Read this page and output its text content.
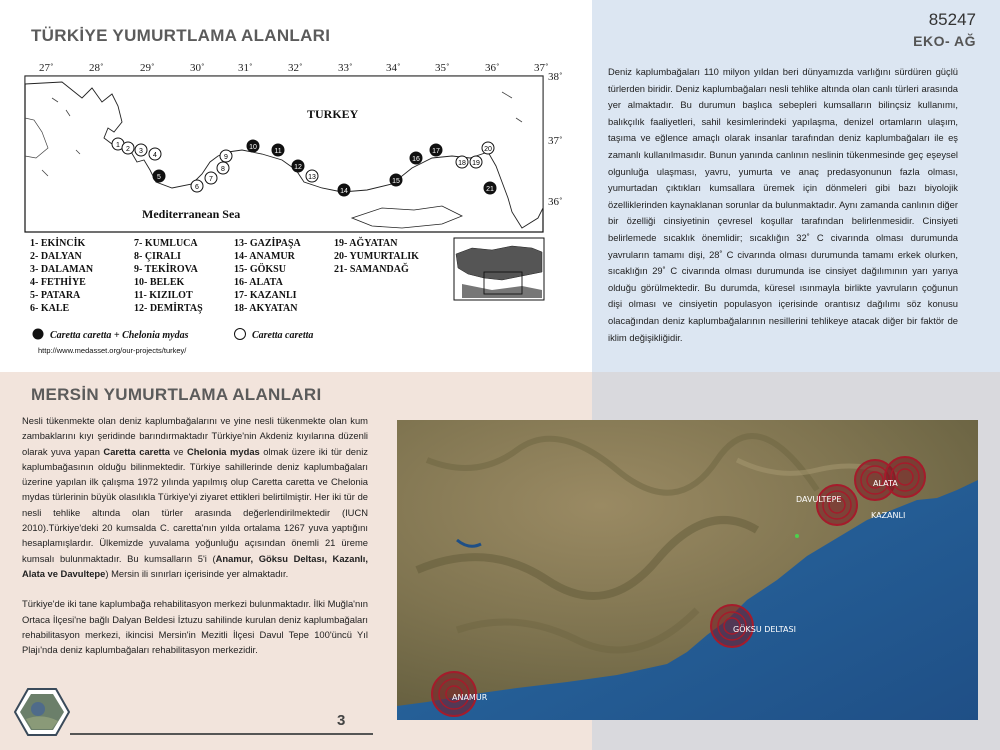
TÜRKİYE YUMURTLAMA ALANLARI
85247
EKO- AĞ
27˚	28˚	29˚	30˚	31˚	32˚	33˚	34˚	35˚	36˚	37˚
38˚
37˚
36˚
TURKEY
Mediterranean Sea
1
2 3
4
5
6
7
8
9
10
11
12
13
14
15
16
17
18 19
20
21
1- EKİNCİK
2- DALYAN
3- DALAMAN
4- FETHİYE
5- PATARA
6- KALE
7- KUMLUCA
8- ÇIRALI
9- TEKİROVA
10- BELEK
11- KIZILOT
12- DEMİRTAŞ
13- GAZİPAŞA
14- ANAMUR
15- GÖKSU
16- ALATA
17- KAZANLI
18- AKYATAN
19- AĞYATAN
20- YUMURTALIK
21- SAMANDAĞ
Caretta caretta + Chelonia mydas	Caretta caretta
http://www.medasset.org/our-projects/turkey/
Deniz kaplumbağaları 110 milyon yıldan beri dünyamızda varlığını sürdüren güçlü türlerden biridir. Deniz kaplumbağaları nesli tehlike altında olan canlı türleri arasında yer almaktadır. Bu durumun başlıca sebepleri kumsalların bilinçsiz kullanımı, balıkçılık faaliyetleri, sahil kesimlerindeki yapılaşma, denizel ortamların ulaşım, taşıma ve eğlence amaçlı olarak insanlar tarafından deniz kaplumbağaları ile eş zamanlı kullanılmasıdır. Bunun yanında canlının neslinin tükenmesinde geç eşeysel olgunluğa ulaşması, yavru, yumurta ve anaç predasyonunun fazla olması, yumurtadan çıktıkları kumsallara üremek için dönmeleri gibi bazı biyolojik özelliklerinden kaynaklanan sorunlar da bulunmaktadır. Aynı zamanda canlının diğer bir özelliği cinsiyetinin çevresel koşullar tarafından belirlenmesidir. Cinsiyeti belirlemede sıcaklık önemlidir; sıcaklığın 32˚ C civarında olması durumunda yavruların tamamı dişi, 28˚ C civarında olması durumunda tamamı erkek olurken, sıcaklığın 29˚ C civarında olması durumunda ise cinsiyet dağılımının yarı yarıya olduğu görülmektedir. Bu durumda, küresel ısınmayla birlikte yavruların çoğunun dişi olması ve cinsiyetin populasyon içerisinde orantısız dağılımı söz konusu olacağından deniz kaplumbağalarının nesillerini tehlikeye atacak diğer bir faktör de iklim değişikliğidir.
MERSİN YUMURTLAMA ALANLARI

Nesli tükenmekte olan deniz kaplumbağalarını ve yine nesli tükenmekte olan kum zambaklarını kıyı şeridinde barındırmaktadır Türkiye'nin Akdeniz kıyılarına düzenli olarak yuva yapan Caretta caretta ve Chelonia mydas olmak üzere iki tür deniz kaplumbağasının olduğu bilinmektedir. Türkiye sahillerinde deniz kaplumbağaları üzerine yapılan ilk çalışma 1972 yılında yapılmış olup Caretta caretta ve Chelonia mydas türlerinin büyük olasılıkla Türkiye'yi ziyaret ettikleri belirtilmiştir. Her iki tür de nesli tehlike altında olan türler arasında değerlendirilmektedir (IUCN 2010).Türkiye'deki 20 kumsalda C. caretta'nın yılda ortalama 1267 yuva yaptığını hesaplamışlardır. Ülkemizde yuvalama yoğunluğu açısından önemli 21 üreme kumsalı bulunmaktadır. Bu kumsalların 5'i (Anamur, Göksu Deltası, Kazanlı, Alata ve Davultepe) Mersin ili sınırları içerisinde yer almaktadır.

Türkiye'de iki tane kaplumbağa rehabilitasyon merkezi bulunmaktadır. İlki Muğla'nın Ortaca İlçesi'ne bağlı Dalyan Beldesi İztuzu sahilinde kurulan deniz kaplumbağaları rehabilitasyon merkezi, ikincisi Mersin'in Mezitli İlçesi Davul Tepe 100'üncü Yıl Plajı'nda deniz kaplumbağaları rehabilitasyon merkezidir.

ALATA
DAVULTEPE
KAZANLI
GÖKSU DELTASI
ANAMUR
3
